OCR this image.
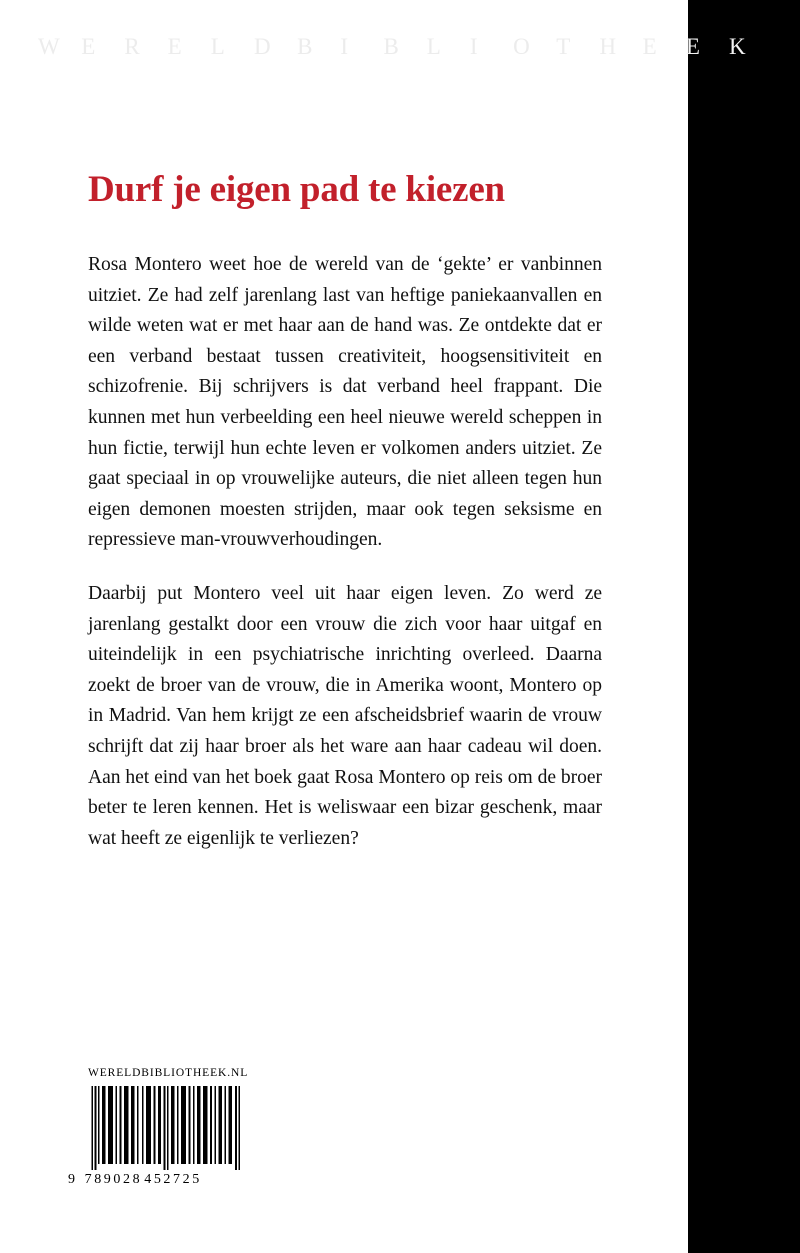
W E R E L D B I B L I O T H E E K
Durf je eigen pad te kiezen

Rosa Montero weet hoe de wereld van de ‘gekte’ er vanbinnen uitziet. Ze had zelf jarenlang last van heftige paniekaanvallen en wilde weten wat er met haar aan de hand was. Ze ontdekte dat er een verband bestaat tussen creativiteit, hoogsensitiviteit en schizofrenie. Bij schrijvers is dat verband heel frappant. Die kunnen met hun verbeelding een heel nieuwe wereld scheppen in hun fictie, terwijl hun echte leven er volkomen anders uitziet. Ze gaat speciaal in op vrouwelijke auteurs, die niet alleen tegen hun eigen demonen moesten strijden, maar ook tegen seksisme en repressieve man-vrouwverhoudingen.

Daarbij put Montero veel uit haar eigen leven. Zo werd ze jarenlang gestalkt door een vrouw die zich voor haar uitgaf en uiteindelijk in een psychiatrische inrichting overleed. Daarna zoekt de broer van de vrouw, die in Amerika woont, Montero op in Madrid. Van hem krijgt ze een afscheidsbrief waarin de vrouw schrijft dat zij haar broer als het ware aan haar cadeau wil doen. Aan het eind van het boek gaat Rosa Montero op reis om de broer beter te leren kennen. Het is weliswaar een bizar geschenk, maar wat heeft ze eigenlijk te verliezen?

WERELDBIBLIOTHEEK.NL
9 789028 452725
